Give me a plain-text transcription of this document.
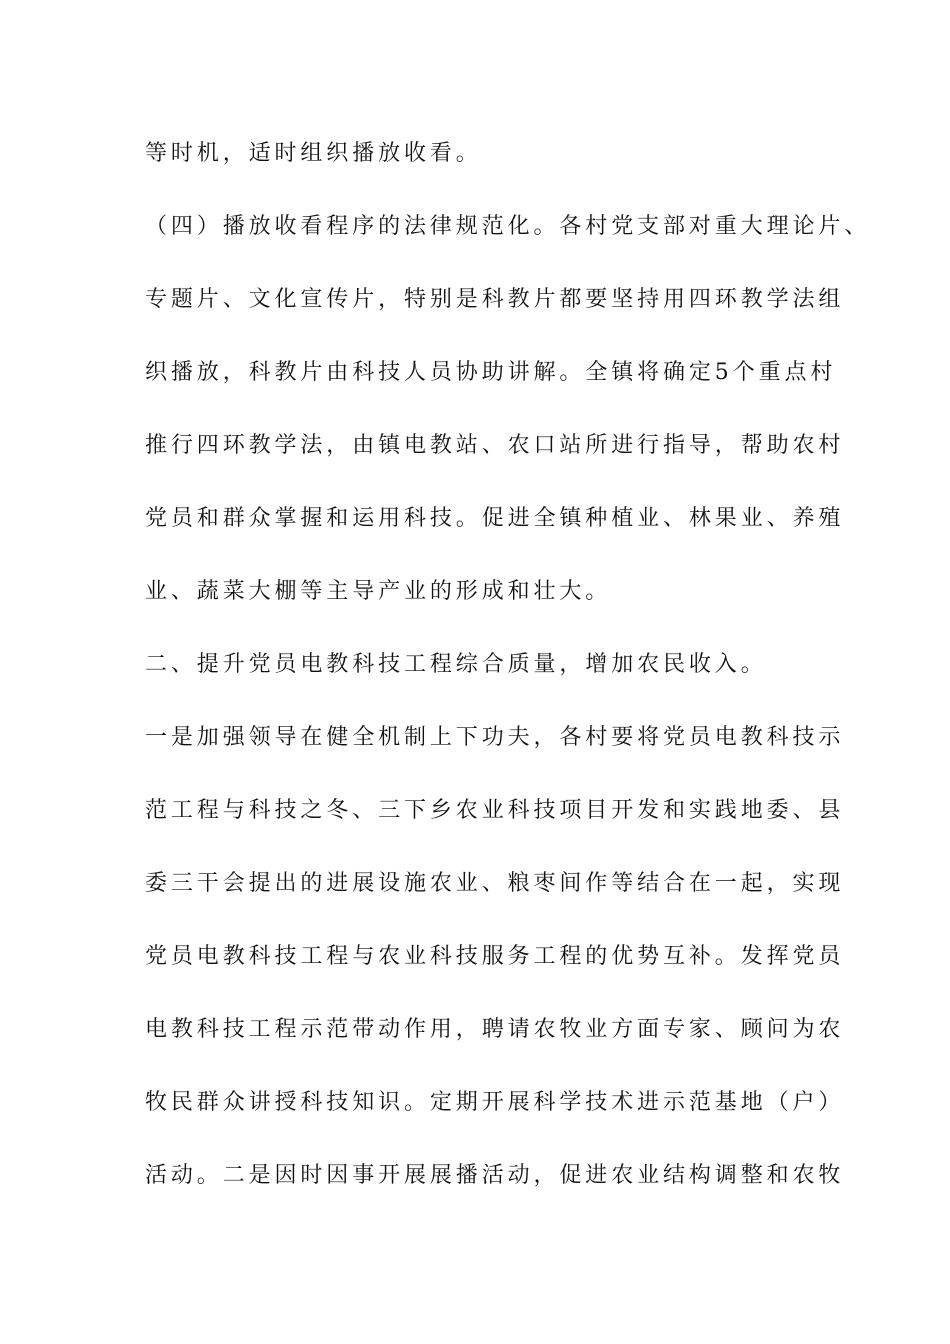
等时机，适时组织播放收看。
（四）播放收看程序的法律规范化。各村党支部对重大理论片、
专题片、文化宣传片，特别是科教片都要坚持用四环教学法组
织播放，科教片由科技人员协助讲解。全镇将确定5个重点村
推行四环教学法，由镇电教站、农口站所进行指导，帮助农村
党员和群众掌握和运用科技。促进全镇种植业、林果业、养殖
业、蔬菜大棚等主导产业的形成和壮大。
二、提升党员电教科技工程综合质量，增加农民收入。
一是加强领导在健全机制上下功夫，各村要将党员电教科技示
范工程与科技之冬、三下乡农业科技项目开发和实践地委、县
委三干会提出的进展设施农业、粮枣间作等结合在一起，实现
党员电教科技工程与农业科技服务工程的优势互补。发挥党员
电教科技工程示范带动作用，聘请农牧业方面专家、顾问为农
牧民群众讲授科技知识。定期开展科学技术进示范基地（户）
活动。二是因时因事开展展播活动，促进农业结构调整和农牧
